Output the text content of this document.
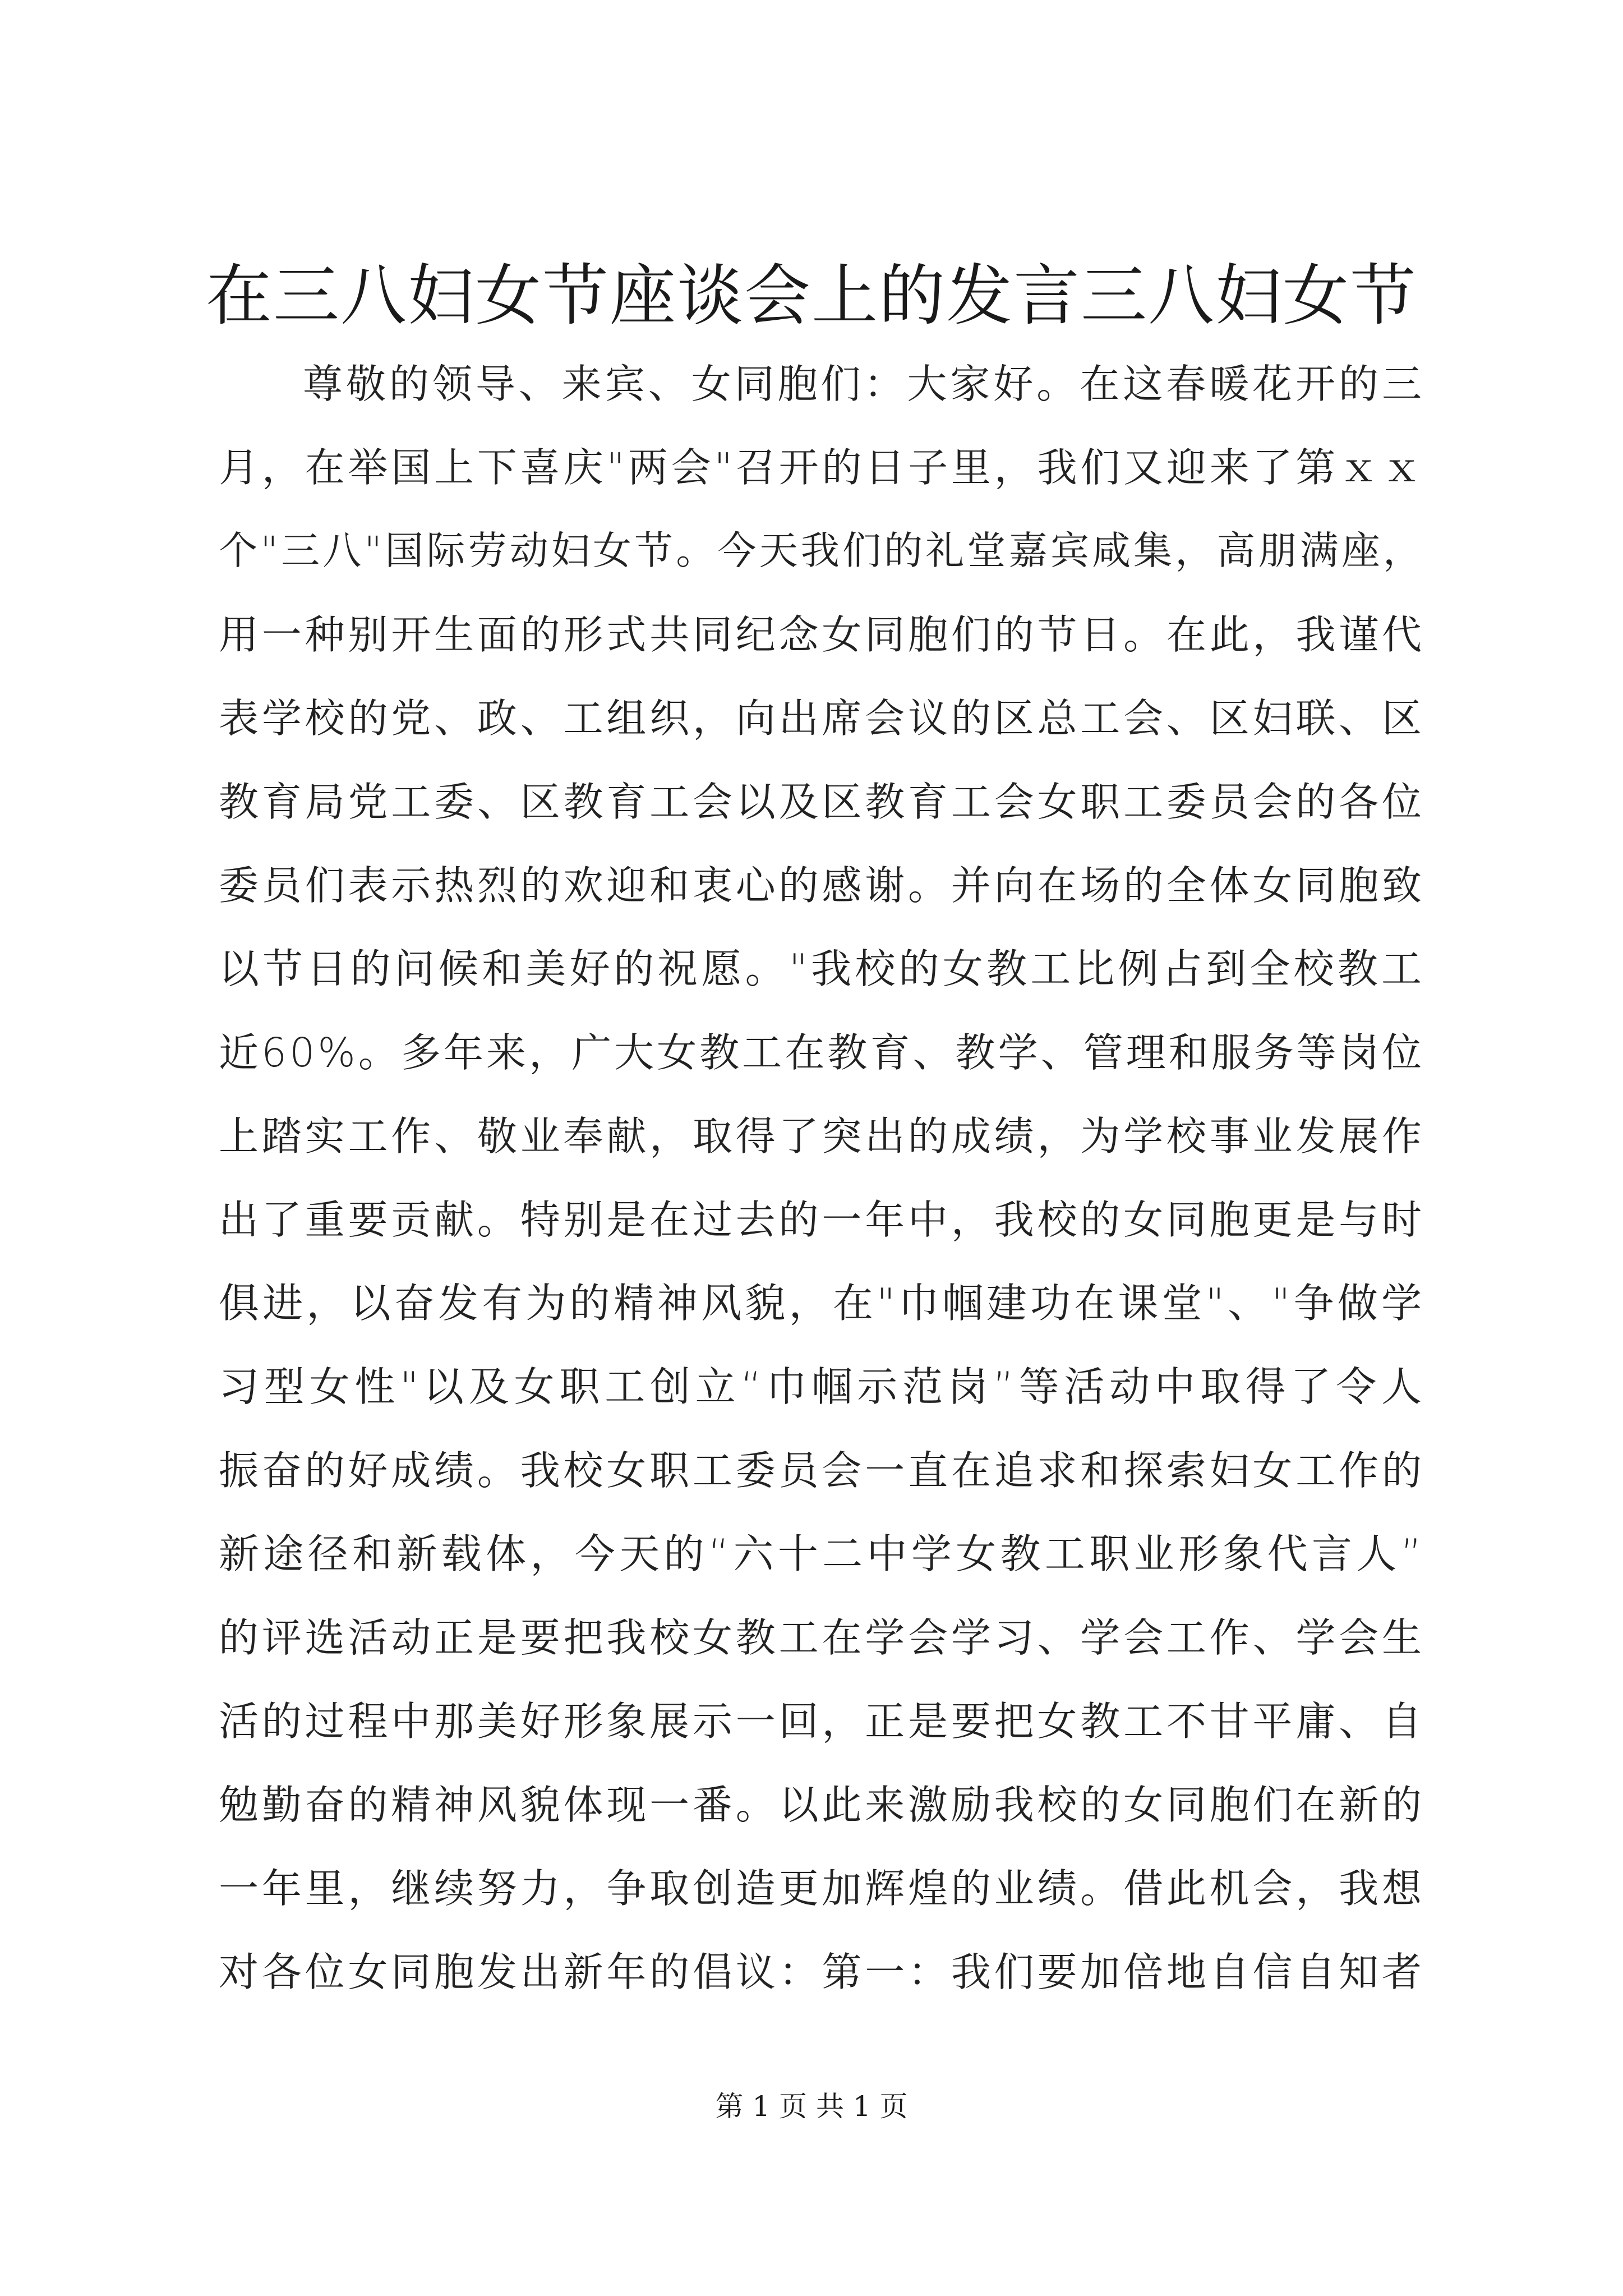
在三八妇女节座谈会上的发言三八妇女节
尊敬的领导、来宾、女同胞们：大家好。在这春暖花开的三
月，在举国上下喜庆"两会"召开的日子里，我们又迎来了第ｘｘ
个"三八"国际劳动妇女节。今天我们的礼堂嘉宾咸集，高朋满座，
用一种别开生面的形式共同纪念女同胞们的节日。在此，我谨代
表学校的党、政、工组织，向出席会议的区总工会、区妇联、区
教育局党工委、区教育工会以及区教育工会女职工委员会的各位
委员们表示热烈的欢迎和衷心的感谢。并向在场的全体女同胞致
以节日的问候和美好的祝愿。"我校的女教工比例占到全校教工
近60%。多年来，广大女教工在教育、教学、管理和服务等岗位
上踏实工作、敬业奉献，取得了突出的成绩，为学校事业发展作
出了重要贡献。特别是在过去的一年中，我校的女同胞更是与时
俱进，以奋发有为的精神风貌，在"巾帼建功在课堂"、"争做学
习型女性"以及女职工创立“巾帼示范岗”等活动中取得了令人
振奋的好成绩。我校女职工委员会一直在追求和探索妇女工作的
新途径和新载体，今天的“六十二中学女教工职业形象代言人”
的评选活动正是要把我校女教工在学会学习、学会工作、学会生
活的过程中那美好形象展示一回，正是要把女教工不甘平庸、自
勉勤奋的精神风貌体现一番。以此来激励我校的女同胞们在新的
一年里，继续努力，争取创造更加辉煌的业绩。借此机会，我想
对各位女同胞发出新年的倡议：第一：我们要加倍地自信自知者
第 1 页 共 1 页
